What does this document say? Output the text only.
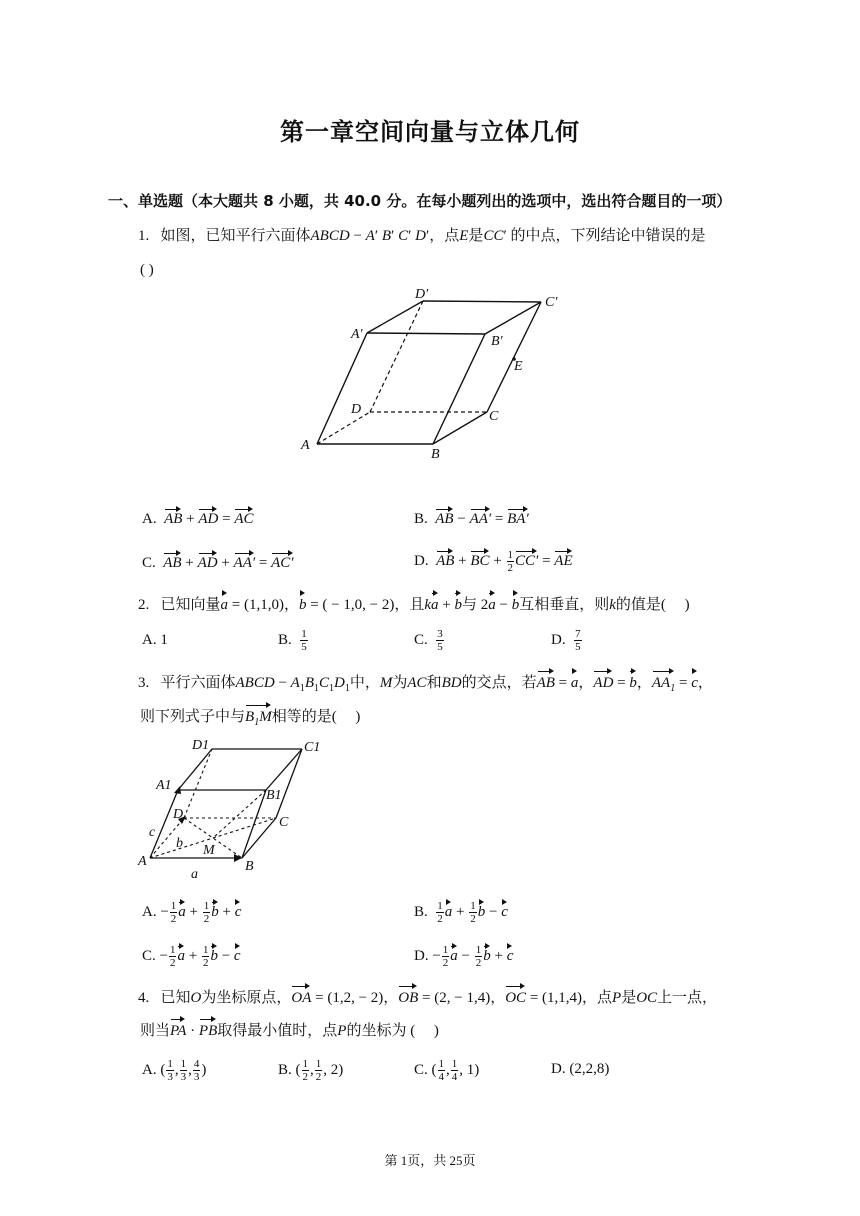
第一章空间向量与立体几何
一、单选题（本大题共 8 小题，共 40.0 分。在每小题列出的选项中，选出符合题目的一项）
1.   如图，已知平行六面体ABCD − A′ B′ C′ D′，点E是CC′ 的中点，下列结论中错误的是
( )
A
B
C
D
A′	B′
C′
D′
E
A.  AB + AD = AC	B.  AB − AA′ = BA′
C.  AB + AD + AA′ = AC′	D.  AB + BC + $\frac{1}{2} CC'$ = AE
2.   已知向量a = (1,1,0)，b = ( − 1,0, − 2)，且ka + b与 2a − b互相垂直，则k的值是(     )
A. 1	B. $\frac{1}{5}$	C. $\frac{3}{5}$	D. $\frac{7}{5}$
3.   平行六面体ABCD − $A_1B_1C_1D_1$中，M为AC和BD的交点，若AB = a，AD = b，$AA_1 = c$，
则下列式子中与$B_1M$相等的是(     )
A	B
C
D
A1
B1
C1
D1
M
a
b
c
A. − $\frac{1}{2}$ $a + \frac{1}{2}$ b + c	B. $\frac{1}{2}$ $a + \frac{1}{2}$ b − c
C. − $\frac{1}{2}$ $a + \frac{1}{2}$ b − c	D. − $\frac{1}{2}$ $a - \frac{1}{2}$ b + c
4.   已知O为坐标原点，OA = (1,2, − 2)，OB = (2, − 1,4)，OC = (1,1,4)，点P是OC上一点，
则当PA · PB取得最小值时，点P的坐标为 (     )
A. ( $\frac{1}{3}$ , $\frac{1}{3}$ , $\frac{4}{3}$ )	B. ( $\frac{1}{2}$ , $\frac{1}{2}$ , 2)	C. ( $\frac{1}{4}$ , $\frac{1}{4}$ , 1)	D. (2,2,8)
第 1页，共 25页
